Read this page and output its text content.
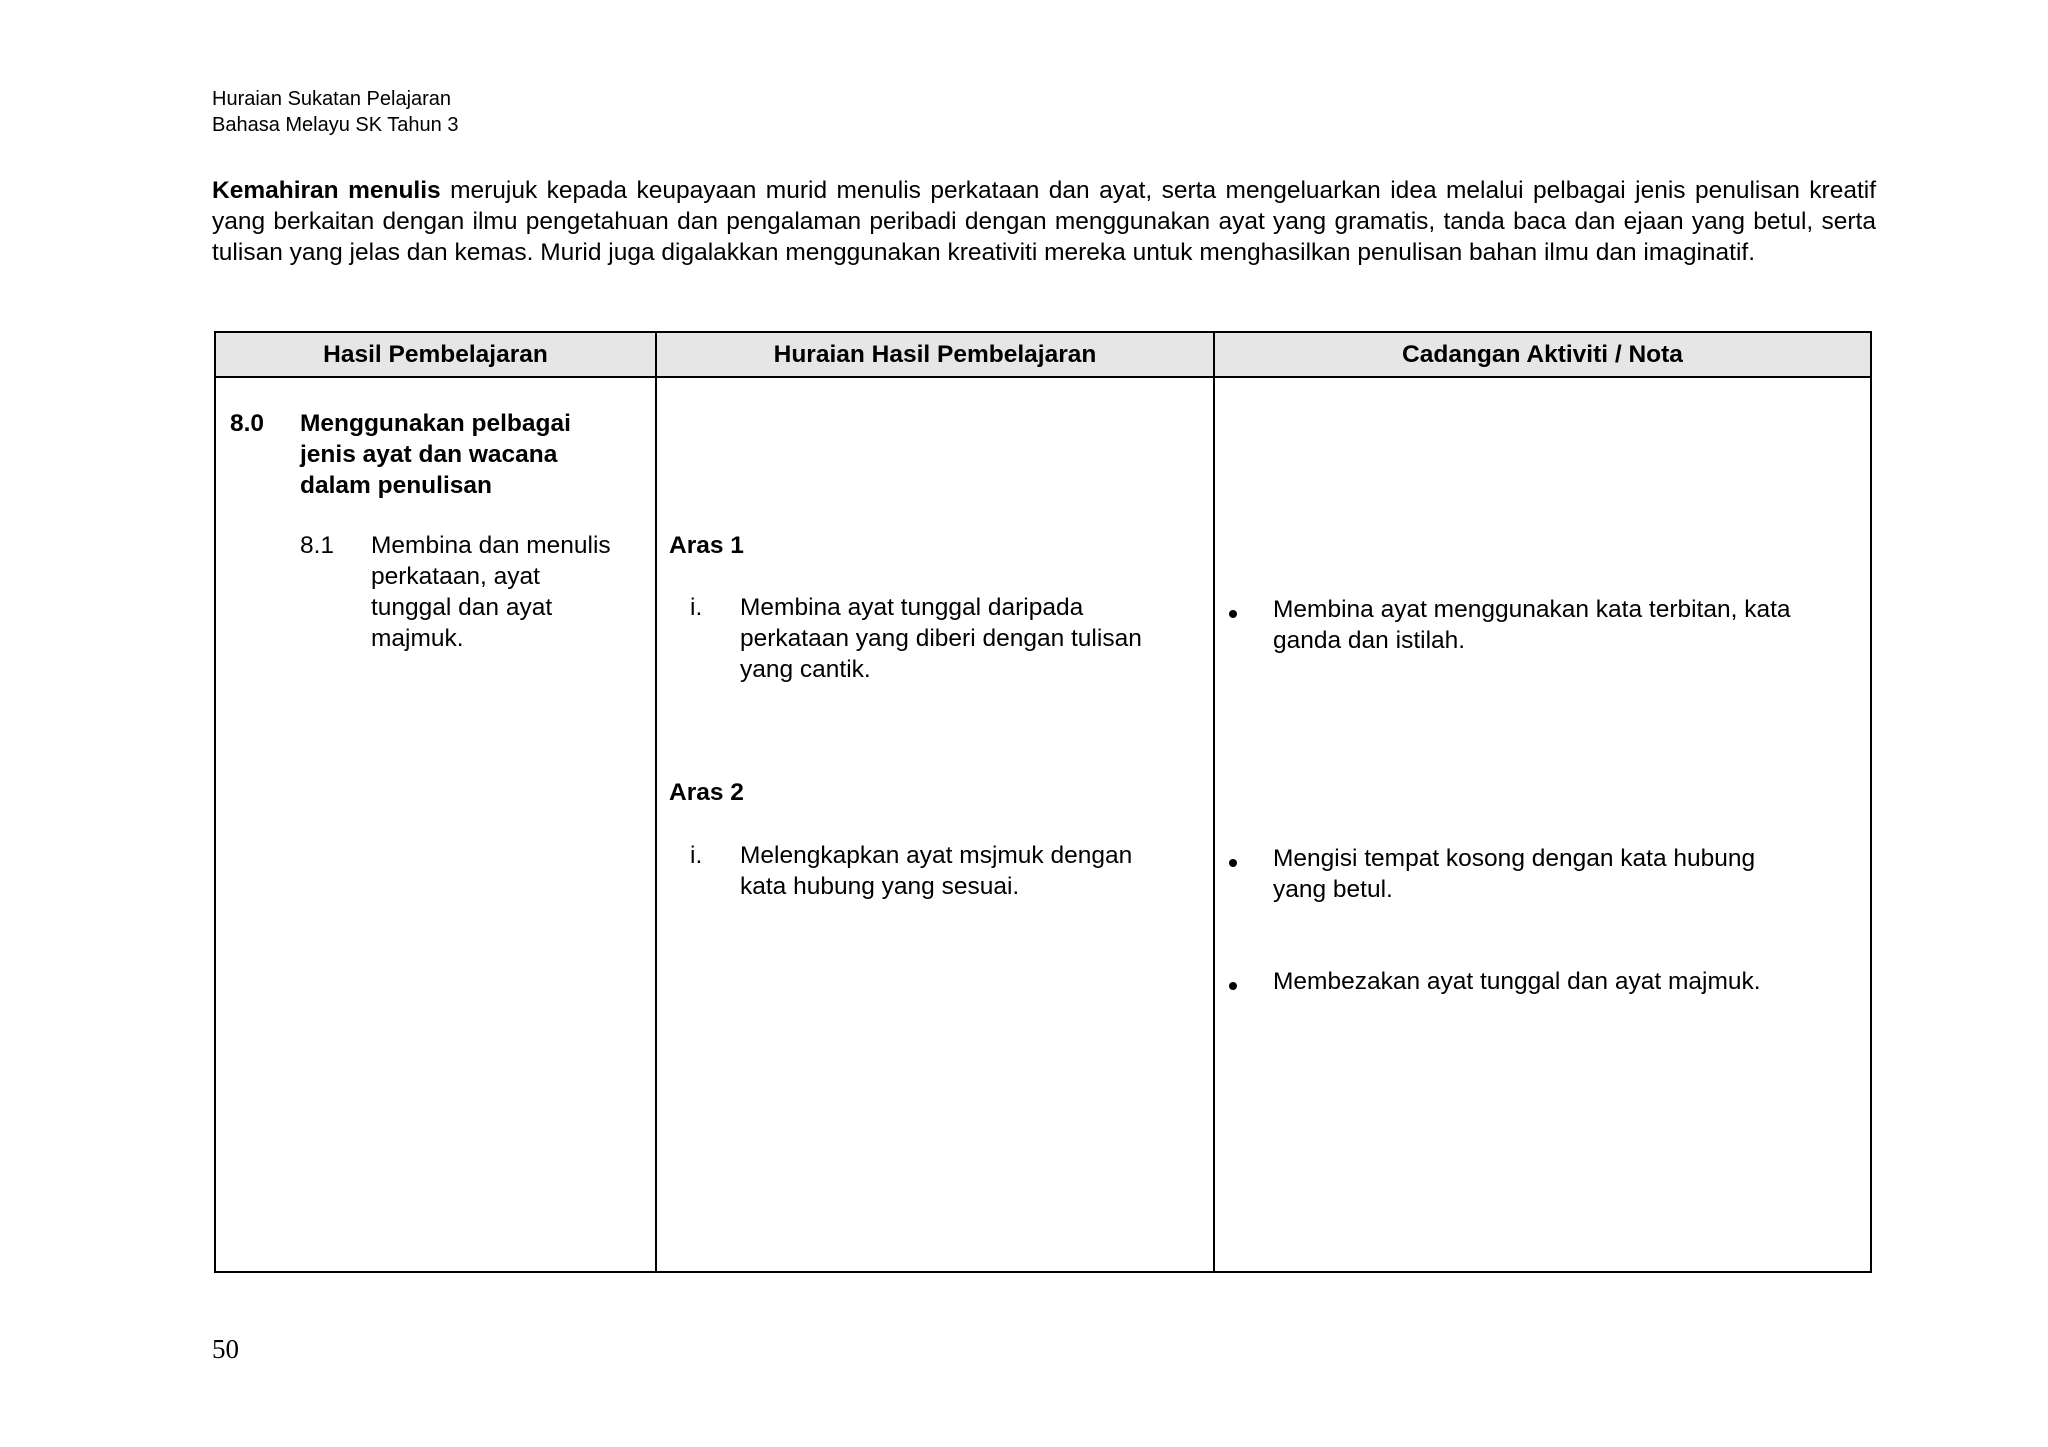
Huraian Sukatan Pelajaran
Bahasa Melayu SK Tahun 3
Kemahiran menulis merujuk kepada keupayaan murid menulis perkataan dan ayat, serta mengeluarkan idea melalui pelbagai jenis penulisan kreatif yang berkaitan dengan ilmu pengetahuan dan pengalaman peribadi dengan menggunakan ayat yang gramatis, tanda baca dan ejaan yang betul, serta tulisan yang jelas dan kemas. Murid juga digalakkan menggunakan kreativiti mereka untuk menghasilkan penulisan bahan ilmu dan imaginatif.
Hasil Pembelajaran	Huraian Hasil Pembelajaran	Cadangan Aktiviti / Nota
8.0 Menggunakan pelbagai
jenis ayat dan wacana
dalam penulisan
8.1 Membina dan menulis
perkataan, ayat
tunggal dan ayat
majmuk.
Aras 1
i. Membina ayat tunggal daripada
perkataan yang diberi dengan tulisan
yang cantik.
Aras 2
i. Melengkapkan ayat msjmuk dengan
kata hubung yang sesuai.
Membina ayat menggunakan kata terbitan, kata
ganda dan istilah.
Mengisi tempat kosong dengan kata hubung
yang betul.
Membezakan ayat tunggal dan ayat majmuk.
50
